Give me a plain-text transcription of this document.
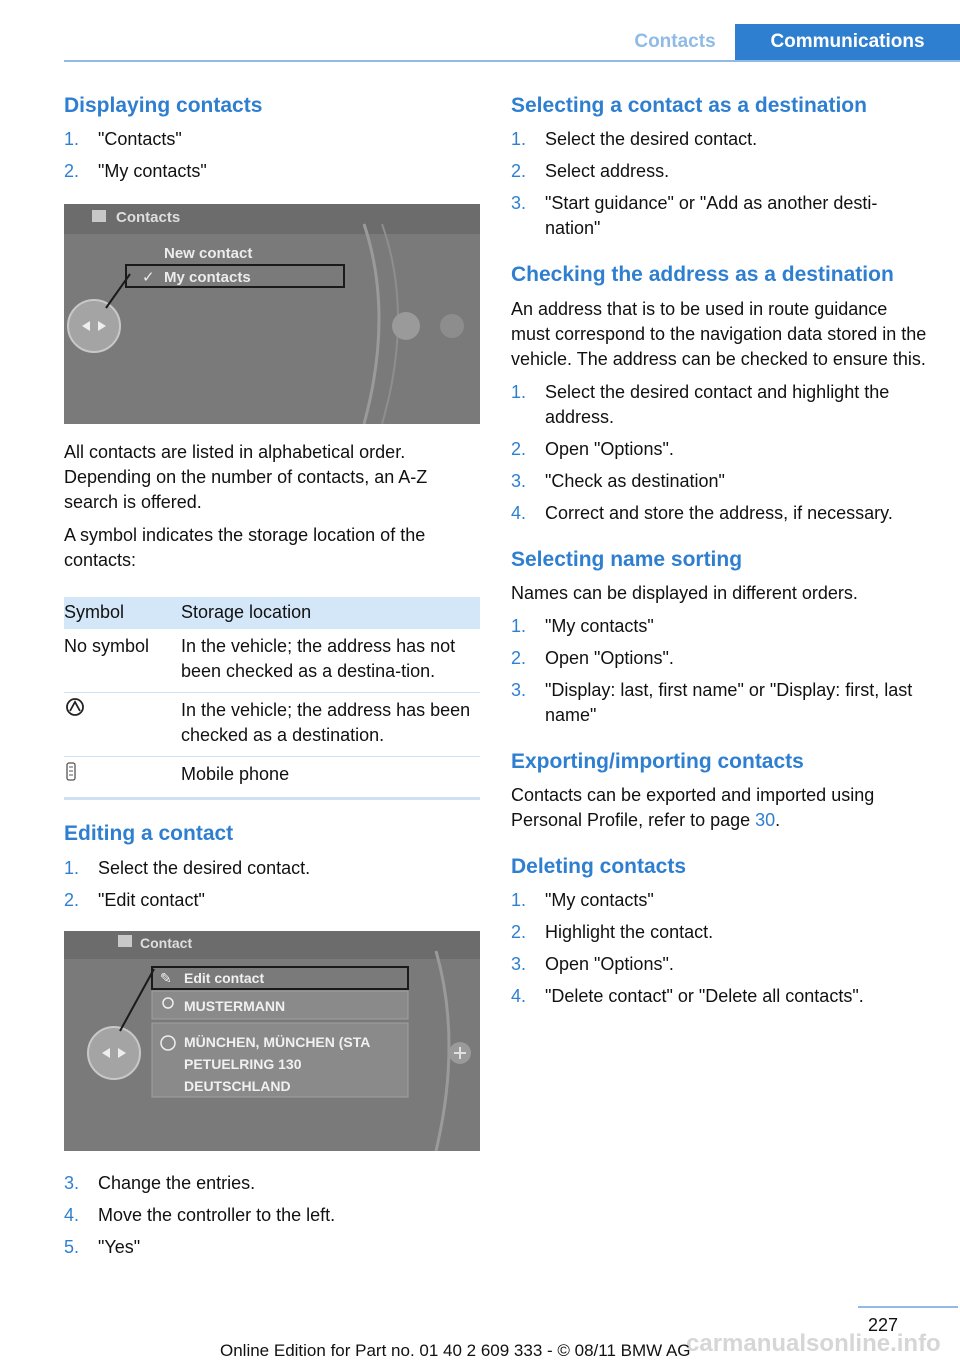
Contacts	Communications
Displaying contacts
1. "Contacts"
2. "My contacts"
Contacts
New contact
✓ My contacts

All contacts are listed in alphabetical order. Depending on the number of contacts, an A-Z search is offered.

A symbol indicates the storage location of the contacts:

Symbol	Storage location
No symbol	In the vehicle; the address has not been checked as a destina-tion.
	In the vehicle; the address has been checked as a destination.
	Mobile phone
Editing a contact
1. Select the desired contact.
2. "Edit contact"
Contact
✎ Edit contact
MUSTERMANN
MÜNCHEN, MÜNCHEN (STA
PETUELRING 130
DEUTSCHLAND
3. Change the entries.
4. Move the controller to the left.
5. "Yes"
Selecting a contact as a destination
1. Select the desired contact.
2. Select address.
3. "Start guidance" or "Add as another desti-nation"
Checking the address as a destination

An address that is to be used in route guidance must correspond to the navigation data stored in the vehicle. The address can be checked to ensure this.

1. Select the desired contact and highlight the address.
2. Open "Options".
3. "Check as destination"
4. Correct and store the address, if necessary.
Selecting name sorting

Names can be displayed in different orders.

1. "My contacts"
2. Open "Options".
3. "Display: last, first name" or "Display: first, last name"
Exporting/importing contacts

Contacts can be exported and imported using Personal Profile, refer to page 30.

Deleting contacts
1. "My contacts"
2. Highlight the contact.
3. Open "Options".
4. "Delete contact" or "Delete all contacts".
227
carmanualsonline.info
Online Edition for Part no. 01 40 2 609 333 - © 08/11 BMW AG
